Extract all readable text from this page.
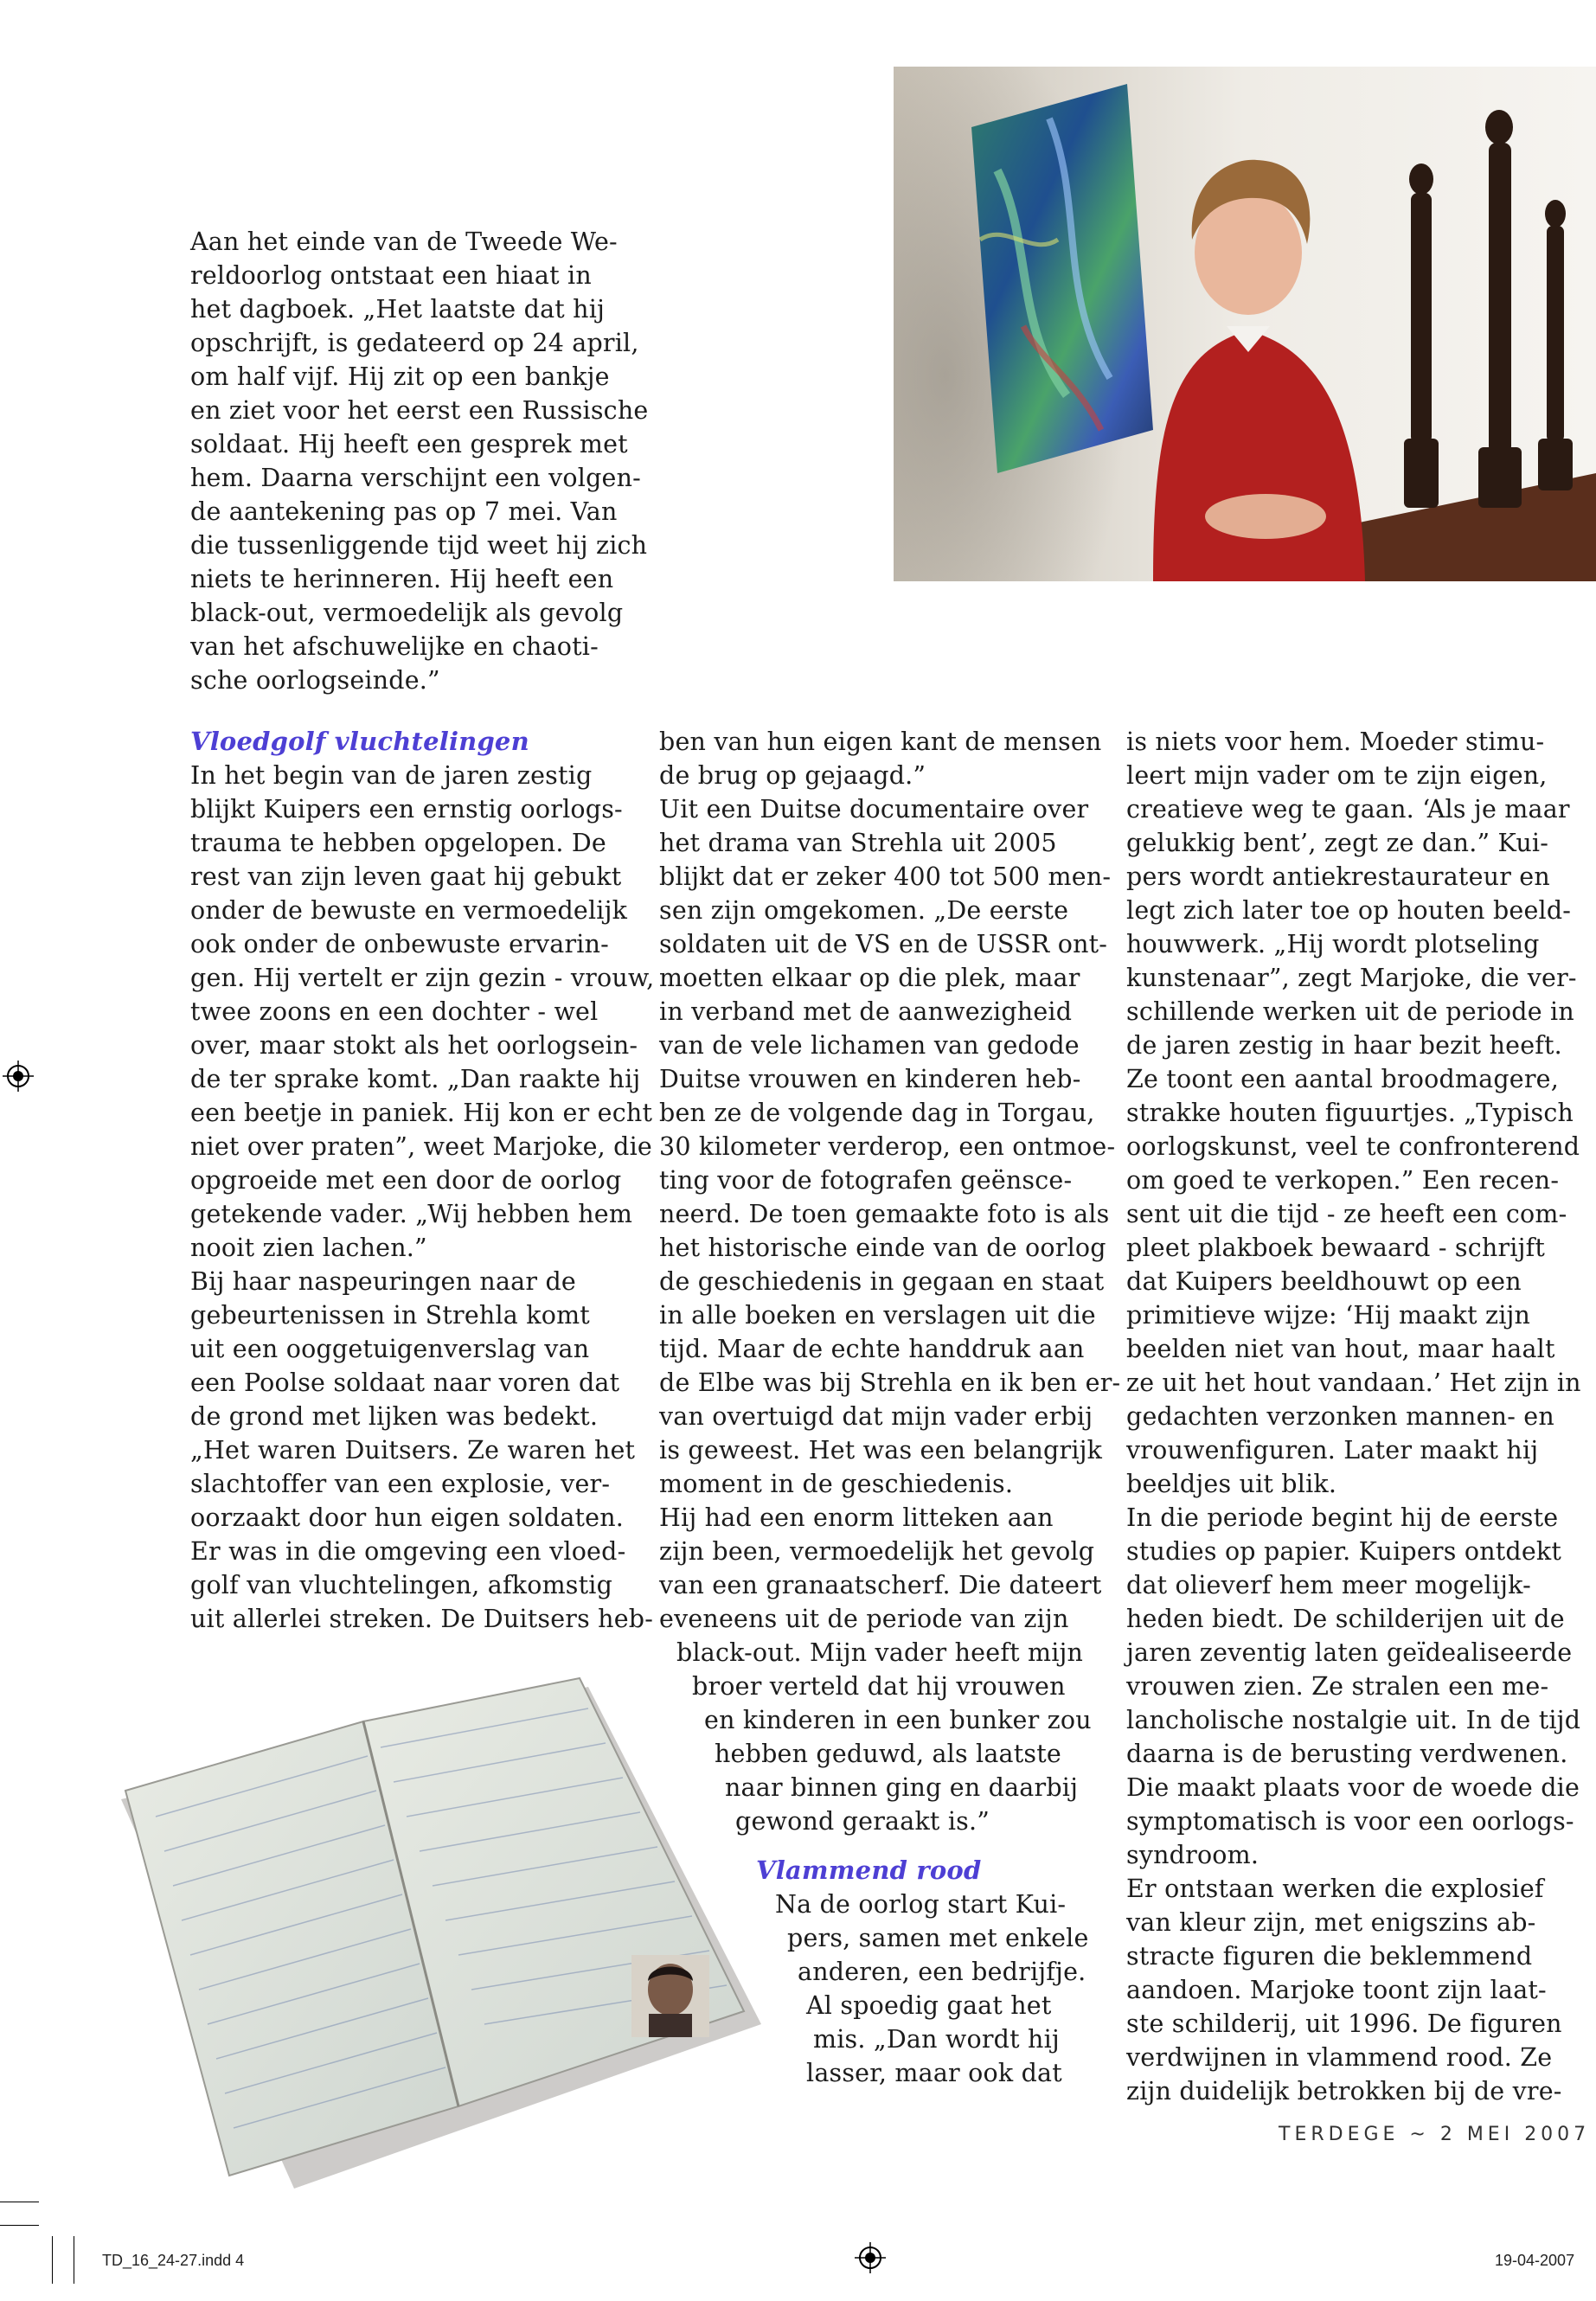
Aan het einde van de Tweede We-
reldoorlog ontstaat een hiaat in
het dagboek. „Het laatste dat hij
opschrijft, is gedateerd op 24 april,
om half vijf. Hij zit op een bankje
en ziet voor het eerst een Russische
soldaat. Hij heeft een gesprek met
hem. Daarna verschijnt een volgen-
de aantekening pas op 7 mei. Van
die tussenliggende tijd weet hij zich
niets te herinneren. Hij heeft een
black-out, vermoedelijk als gevolg
van het afschuwelijke en chaoti-
sche oorlogseinde.”
Vloedgolf vluchtelingen
In het begin van de jaren zestig
blijkt Kuipers een ernstig oorlogs-
trauma te hebben opgelopen. De
rest van zijn leven gaat hij gebukt
onder de bewuste en vermoedelijk
ook onder de onbewuste ervarin-
gen. Hij vertelt er zijn gezin - vrouw,
twee zoons en een dochter - wel
over, maar stokt als het oorlogsein-
de ter sprake komt. „Dan raakte hij
een beetje in paniek. Hij kon er echt
niet over praten”, weet Marjoke, die
opgroeide met een door de oorlog
getekende vader. „Wij hebben hem
nooit zien lachen.”
Bij haar naspeuringen naar de
gebeurtenissen in Strehla komt
uit een ooggetuigenverslag van
een Poolse soldaat naar voren dat
de grond met lijken was bedekt.
„Het waren Duitsers. Ze waren het
slachtoffer van een explosie, ver-
oorzaakt door hun eigen soldaten.
Er was in die omgeving een vloed-
golf van vluchtelingen, afkomstig
uit allerlei streken. De Duitsers heb-
ben van hun eigen kant de mensen
de brug op gejaagd.”
Uit een Duitse documentaire over
het drama van Strehla uit 2005
blijkt dat er zeker 400 tot 500 men-
sen zijn omgekomen. „De eerste
soldaten uit de VS en de USSR ont-
moetten elkaar op die plek, maar
in verband met de aanwezigheid
van de vele lichamen van gedode
Duitse vrouwen en kinderen heb-
ben ze de volgende dag in Torgau,
30 kilometer verderop, een ontmoe-
ting voor de fotografen geënsce-
neerd. De toen gemaakte foto is als
het historische einde van de oorlog
de geschiedenis in gegaan en staat
in alle boeken en verslagen uit die
tijd. Maar de echte handdruk aan
de Elbe was bij Strehla en ik ben er-
van overtuigd dat mijn vader erbij
is geweest. Het was een belangrijk
moment in de geschiedenis.
Hij had een enorm litteken aan
zijn been, vermoedelijk het gevolg
van een granaatscherf. Die dateert
eveneens uit de periode van zijn
black-out. Mijn vader heeft mijn
broer verteld dat hij vrouwen
en kinderen in een bunker zou
hebben geduwd, als laatste
naar binnen ging en daarbij
gewond geraakt is.”
Vlammend rood
Na de oorlog start Kui-
pers, samen met enkele
anderen, een bedrijfje.
Al spoedig gaat het
mis. „Dan wordt hij
lasser, maar ook dat
is niets voor hem. Moeder stimu-
leert mijn vader om te zijn eigen,
creatieve weg te gaan. ‘Als je maar
gelukkig bent’, zegt ze dan.” Kui-
pers wordt antiekrestaurateur en
legt zich later toe op houten beeld-
houwwerk. „Hij wordt plotseling
kunstenaar”, zegt Marjoke, die ver-
schillende werken uit de periode in
de jaren zestig in haar bezit heeft.
Ze toont een aantal broodmagere,
strakke houten figuurtjes. „Typisch
oorlogskunst, veel te confronterend
om goed te verkopen.” Een recen-
sent uit die tijd - ze heeft een com-
pleet plakboek bewaard - schrijft
dat Kuipers beeldhouwt op een
primitieve wijze: ‘Hij maakt zijn
beelden niet van hout, maar haalt
ze uit het hout vandaan.’ Het zijn in
gedachten verzonken mannen- en
vrouwenfiguren. Later maakt hij
beeldjes uit blik.
In die periode begint hij de eerste
studies op papier. Kuipers ontdekt
dat olieverf hem meer mogelijk-
heden biedt. De schilderijen uit de
jaren zeventig laten geïdealiseerde
vrouwen zien. Ze stralen een me-
lancholische nostalgie uit. In de tijd
daarna is de berusting verdwenen.
Die maakt plaats voor de woede die
symptomatisch is voor een oorlogs-
syndroom.
Er ontstaan werken die explosief
van kleur zijn, met enigszins ab-
stracte figuren die beklemmend
aandoen. Marjoke toont zijn laat-
ste schilderij, uit 1996. De figuren
verdwijnen in vlammend rood. Ze
zijn duidelijk betrokken bij de vre-
TERDEGE ~ 2 MEI 2007
TD_16_24-27.indd 4	19-04-2007
